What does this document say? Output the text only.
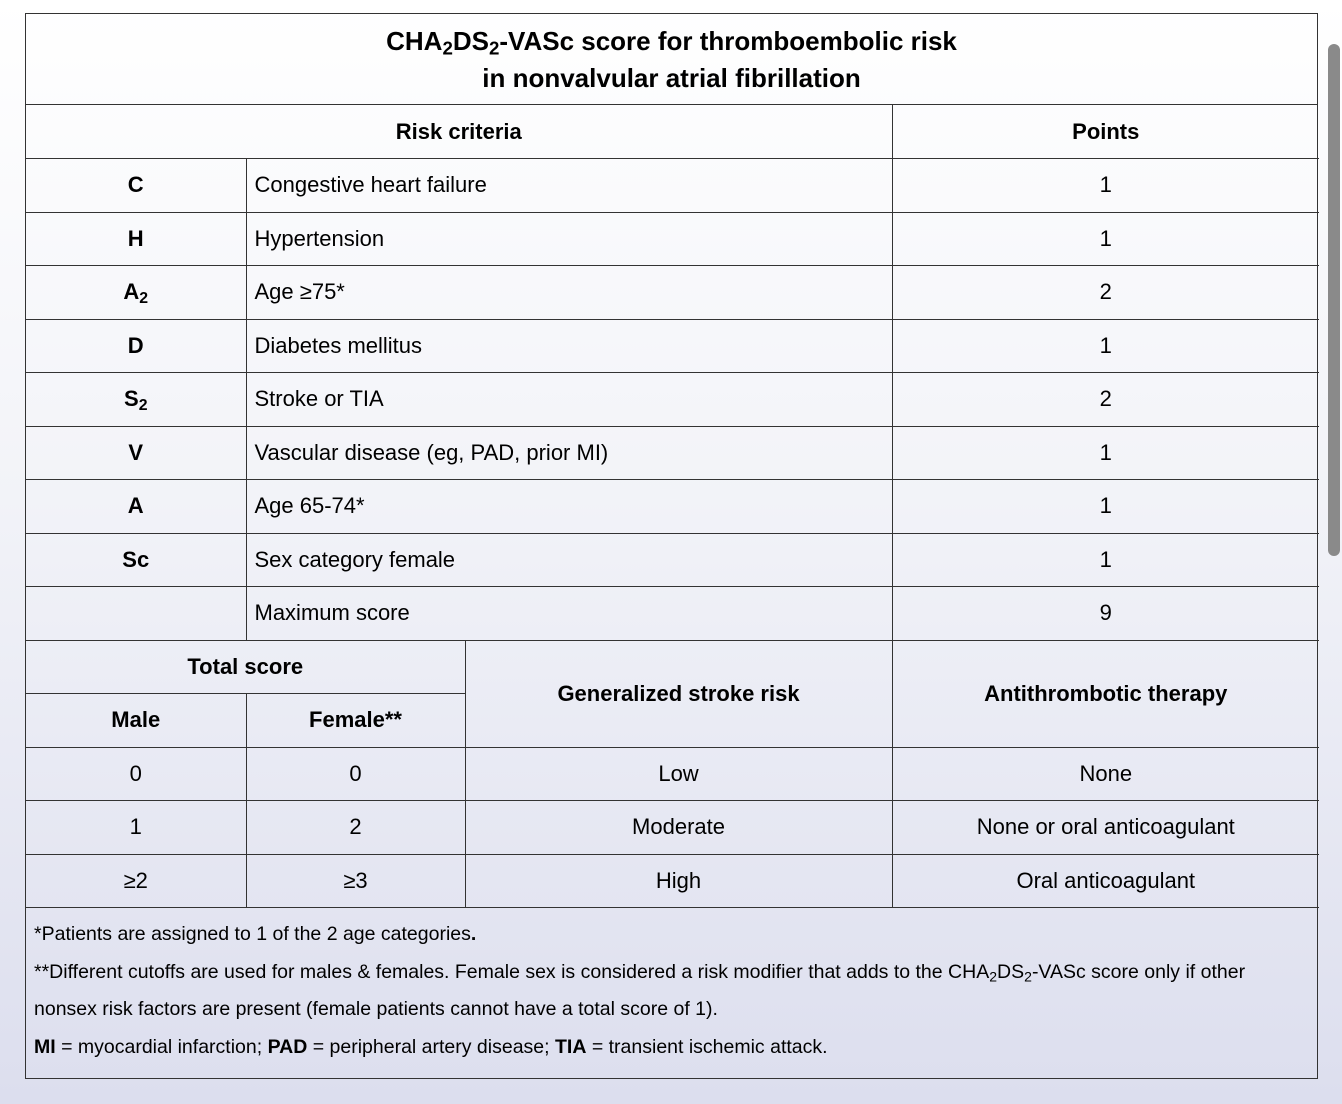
$CHA_2DS_2$-VASc score for thromboembolic risk
in nonvalvular atrial fibrillation
Risk criteria			Points
C	Congestive heart failure		1
H	Hypertension		1
$A_2$	Age ≥75*		2
D	Diabetes mellitus		1
$S_2$	Stroke or TIA		2
V	Vascular disease (eg, PAD, prior MI)		1
A	Age 65-74*		1
Sc	Sex category female		1
	Maximum score		9
Total score		Generalized stroke risk	Antithrombotic therapy
Male	Female**		
0	0	Low	None
1	2	Moderate	None or oral anticoagulant
≥2	≥3	High	Oral anticoagulant
*Patients are assigned to 1 of the 2 age categories.
**Different cutoffs are used for males & females. Female sex is considered a risk modifier that adds to the $CHA_2DS_2$-VASc score only if other nonsex risk factors are present (female patients cannot have a total score of 1).
MI = myocardial infarction; PAD = peripheral artery disease; TIA = transient ischemic attack.
